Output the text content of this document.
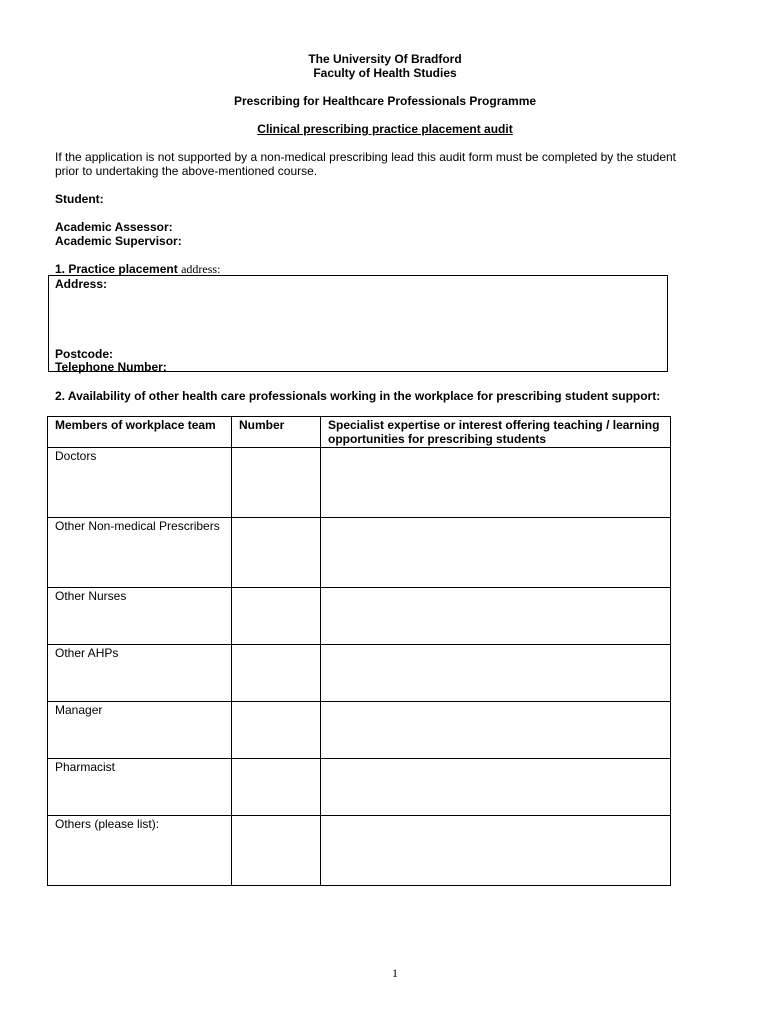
The University Of Bradford
Faculty of Health Studies
Prescribing for Healthcare Professionals Programme
Clinical prescribing practice placement audit
If the application is not supported by a non-medical prescribing lead this audit form must be completed by the student
prior to undertaking the above-mentioned course.
Student:
Academic Assessor:
Academic Supervisor:
1. Practice placement address:
Address:
Postcode:
Telephone Number:
2. Availability of other health care professionals working in the workplace for prescribing student support:
Members of workplace team	Number	Specialist expertise or interest offering teaching / learning opportunities for prescribing students
Doctors		
Other Non-medical Prescribers		
Other Nurses		
Other AHPs		
Manager		
Pharmacist		
Others (please list):		
1
